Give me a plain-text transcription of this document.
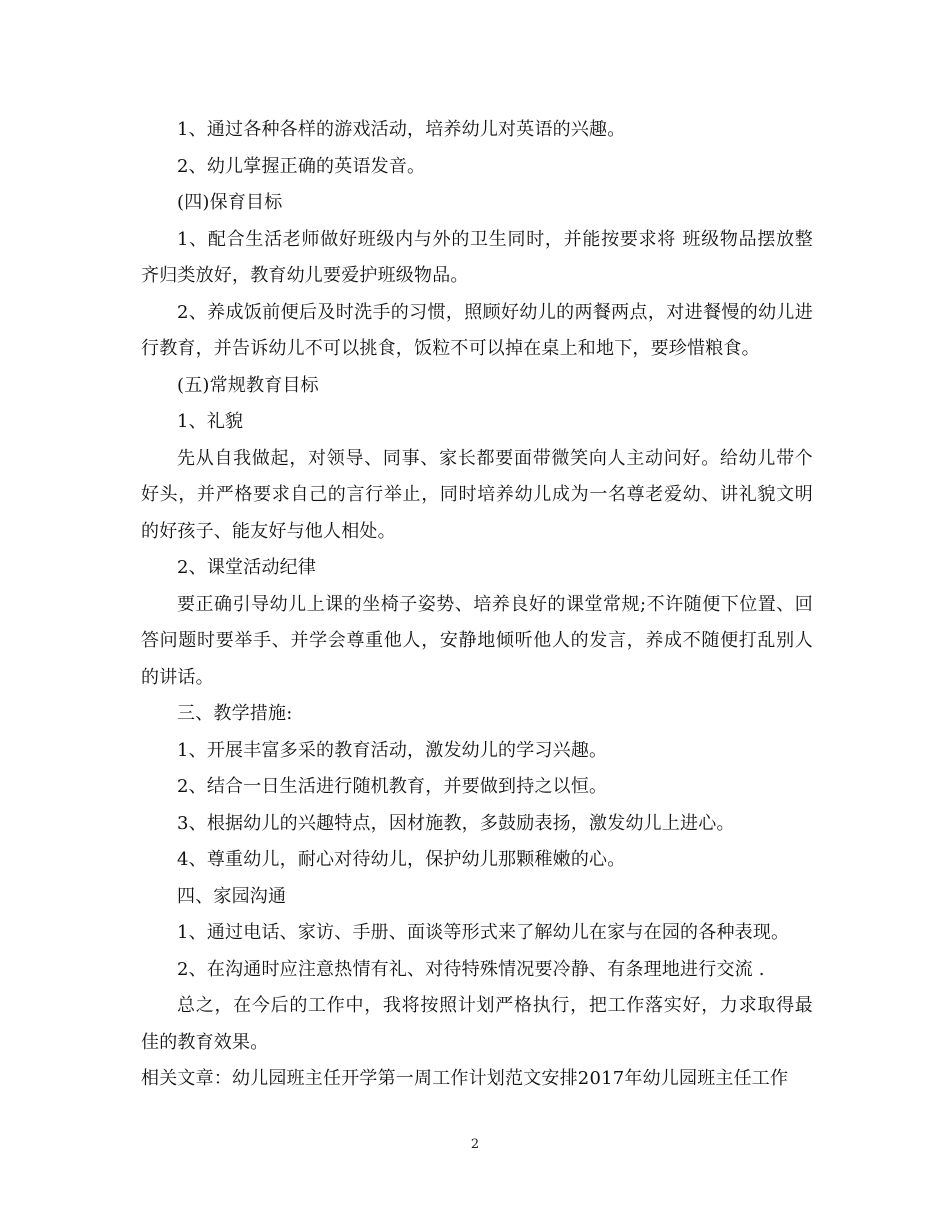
1、通过各种各样的游戏活动，培养幼儿对英语的兴趣。

2、幼儿掌握正确的英语发音。

(四)保育目标

1、配合生活老师做好班级内与外的卫生同时，并能按要求将 班级物品摆放整齐归类放好，教育幼儿要爱护班级物品。

2、养成饭前便后及时洗手的习惯，照顾好幼儿的两餐两点，对进餐慢的幼儿进行教育，并告诉幼儿不可以挑食，饭粒不可以掉在桌上和地下，要珍惜粮食。

(五)常规教育目标

1、礼貌

先从自我做起，对领导、同事、家长都要面带微笑向人主动问好。给幼儿带个好头，并严格要求自己的言行举止，同时培养幼儿成为一名尊老爱幼、讲礼貌文明的好孩子、能友好与他人相处。

2、课堂活动纪律

要正确引导幼儿上课的坐椅子姿势、培养良好的课堂常规;不许随便下位置、回答问题时要举手、并学会尊重他人，安静地倾听他人的发言，养成不随便打乱别人的讲话。

三、教学措施:

1、开展丰富多采的教育活动，激发幼儿的学习兴趣。

2、结合一日生活进行随机教育，并要做到持之以恒。

3、根据幼儿的兴趣特点，因材施教，多鼓励表扬，激发幼儿上进心。

4、尊重幼儿，耐心对待幼儿，保护幼儿那颗稚嫩的心。

四、家园沟通

1、通过电话、家访、手册、面谈等形式来了解幼儿在家与在园的各种表现。

2、在沟通时应注意热情有礼、对待特殊情况要冷静、有条理地进行交流 .

总之，在今后的工作中，我将按照计划严格执行，把工作落实好，力求取得最佳的教育效果。

相关文章：幼儿园班主任开学第一周工作计划范文安排2017年幼儿园班主任工作

2
